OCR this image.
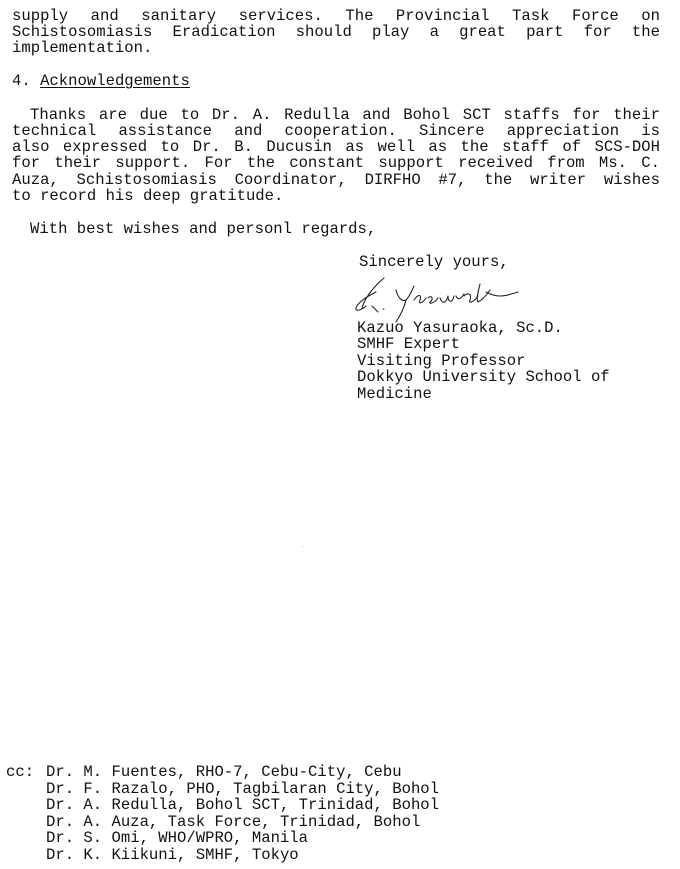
supply and sanitary services. The Provincial Task Force on
Schistosomiasis Eradication should play a great part for the
implementation.
4. Acknowledgements
Thanks are due to Dr. A. Redulla and Bohol SCT staffs for their
technical assistance and cooperation. Sincere appreciation is
also expressed to Dr. B. Ducusin as well as the staff of SCS-DOH
for their support. For the constant support received from Ms. C.
Auza, Schistosomiasis Coordinator, DIRFHO #7, the writer wishes
to record his deep gratitude.
With best wishes and personl regards,
Sincerely yours,
Kazuo Yasuraoka, Sc.D.
SMHF Expert
Visiting Professor
Dokkyo University School of
Medicine
cc: Dr. M. Fuentes, RHO-7, Cebu-City, Cebu
Dr. F. Razalo, PHO, Tagbilaran City, Bohol
Dr. A. Redulla, Bohol SCT, Trinidad, Bohol
Dr. A. Auza, Task Force, Trinidad, Bohol
Dr. S. Omi, WHO/WPRO, Manila
Dr. K. Kiikuni, SMHF, Tokyo
